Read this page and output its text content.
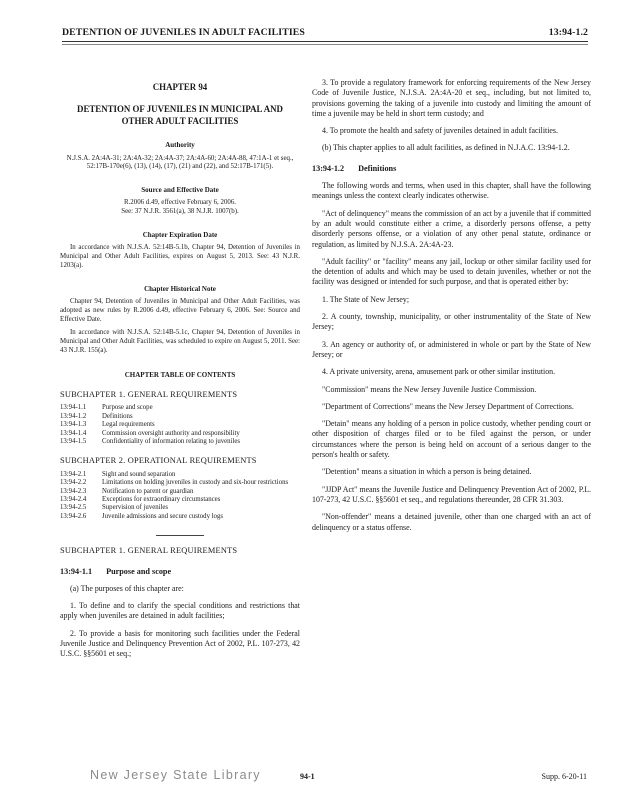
DETENTION OF JUVENILES IN ADULT FACILITIES	13:94-1.2
CHAPTER 94
DETENTION OF JUVENILES IN MUNICIPAL AND OTHER ADULT FACILITIES
Authority
N.J.S.A. 2A:4A-31; 2A:4A-32; 2A:4A-37; 2A:4A-60; 2A:4A-88, 47:1A-1 et seq., 52:17B-170e(6), (13), (14), (17), (21) and (22), and 52:17B-171(5).
Source and Effective Date
R.2006 d.49, effective February 6, 2006.
See: 37 N.J.R. 3561(a), 38 N.J.R. 1007(b).
Chapter Expiration Date
In accordance with N.J.S.A. 52:14B-5.1b, Chapter 94, Detention of Juveniles in Municipal and Other Adult Facilities, expires on August 5, 2013. See: 43 N.J.R. 1203(a).
Chapter Historical Note
Chapter 94, Detention of Juveniles in Municipal and Other Adult Facilities, was adopted as new rules by R.2006 d.49, effective February 6, 2006. See: Source and Effective Date.
In accordance with N.J.S.A. 52:14B-5.1c, Chapter 94, Detention of Juveniles in Municipal and Other Adult Facilities, was scheduled to expire on August 5, 2011. See: 43 N.J.R. 155(a).
CHAPTER TABLE OF CONTENTS
SUBCHAPTER 1. GENERAL REQUIREMENTS
13:94-1.1	Purpose and scope
13:94-1.2	Definitions
13:94-1.3	Legal requirements
13:94-1.4	Commission oversight authority and responsibility
13:94-1.5	Confidentiality of information relating to juveniles
SUBCHAPTER 2. OPERATIONAL REQUIREMENTS
13:94-2.1	Sight and sound separation
13:94-2.2	Limitations on holding juveniles in custody and six-hour restrictions
13:94-2.3	Notification to parent or guardian
13:94-2.4	Exceptions for extraordinary circumstances
13:94-2.5	Supervision of juveniles
13:94-2.6	Juvenile admissions and secure custody logs
SUBCHAPTER 1. GENERAL REQUIREMENTS
13:94-1.1 Purpose and scope
(a) The purposes of this chapter are:
1. To define and to clarify the special conditions and restrictions that apply when juveniles are detained in adult facilities;
2. To provide a basis for monitoring such facilities under the Federal Juvenile Justice and Delinquency Prevention Act of 2002, P.L. 107-273, 42 U.S.C. §§5601 et seq.;
3. To provide a regulatory framework for enforcing requirements of the New Jersey Code of Juvenile Justice, N.J.S.A. 2A:4A-20 et seq., including, but not limited to, provisions governing the taking of a juvenile into custody and limiting the amount of time a juvenile may be held in short term custody; and
4. To promote the health and safety of juveniles detained in adult facilities.
(b) This chapter applies to all adult facilities, as defined in N.J.A.C. 13:94-1.2.
13:94-1.2 Definitions
The following words and terms, when used in this chapter, shall have the following meanings unless the context clearly indicates otherwise.
"Act of delinquency" means the commission of an act by a juvenile that if committed by an adult would constitute either a crime, a disorderly persons offense, a petty disorderly persons offense, or a violation of any other penal statute, ordinance or regulation, as limited by N.J.S.A. 2A:4A-23.
"Adult facility" or "facility" means any jail, lockup or other similar facility used for the detention of adults and which may be used to detain juveniles, whether or not the facility was designed or intended for such purpose, and that is operated either by:
1. The State of New Jersey;
2. A county, township, municipality, or other instrumentality of the State of New Jersey;
3. An agency or authority of, or administered in whole or part by the State of New Jersey; or
4. A private university, arena, amusement park or other similar institution.
"Commission" means the New Jersey Juvenile Justice Commission.
"Department of Corrections" means the New Jersey Department of Corrections.
"Detain" means any holding of a person in police custody, whether pending court or other disposition of charges filed or to be filed against the person, or under circumstances where the person is being held on account of a serious danger to the person's health or safety.
"Detention" means a situation in which a person is being detained.
"JJDP Act" means the Juvenile Justice and Delinquency Prevention Act of 2002, P.L. 107-273, 42 U.S.C. §§5601 et seq., and regulations thereunder, 28 CFR 31.303.
"Non-offender" means a detained juvenile, other than one charged with an act of delinquency or a status offense.
New Jersey State Library	94-1	Supp. 6-20-11
